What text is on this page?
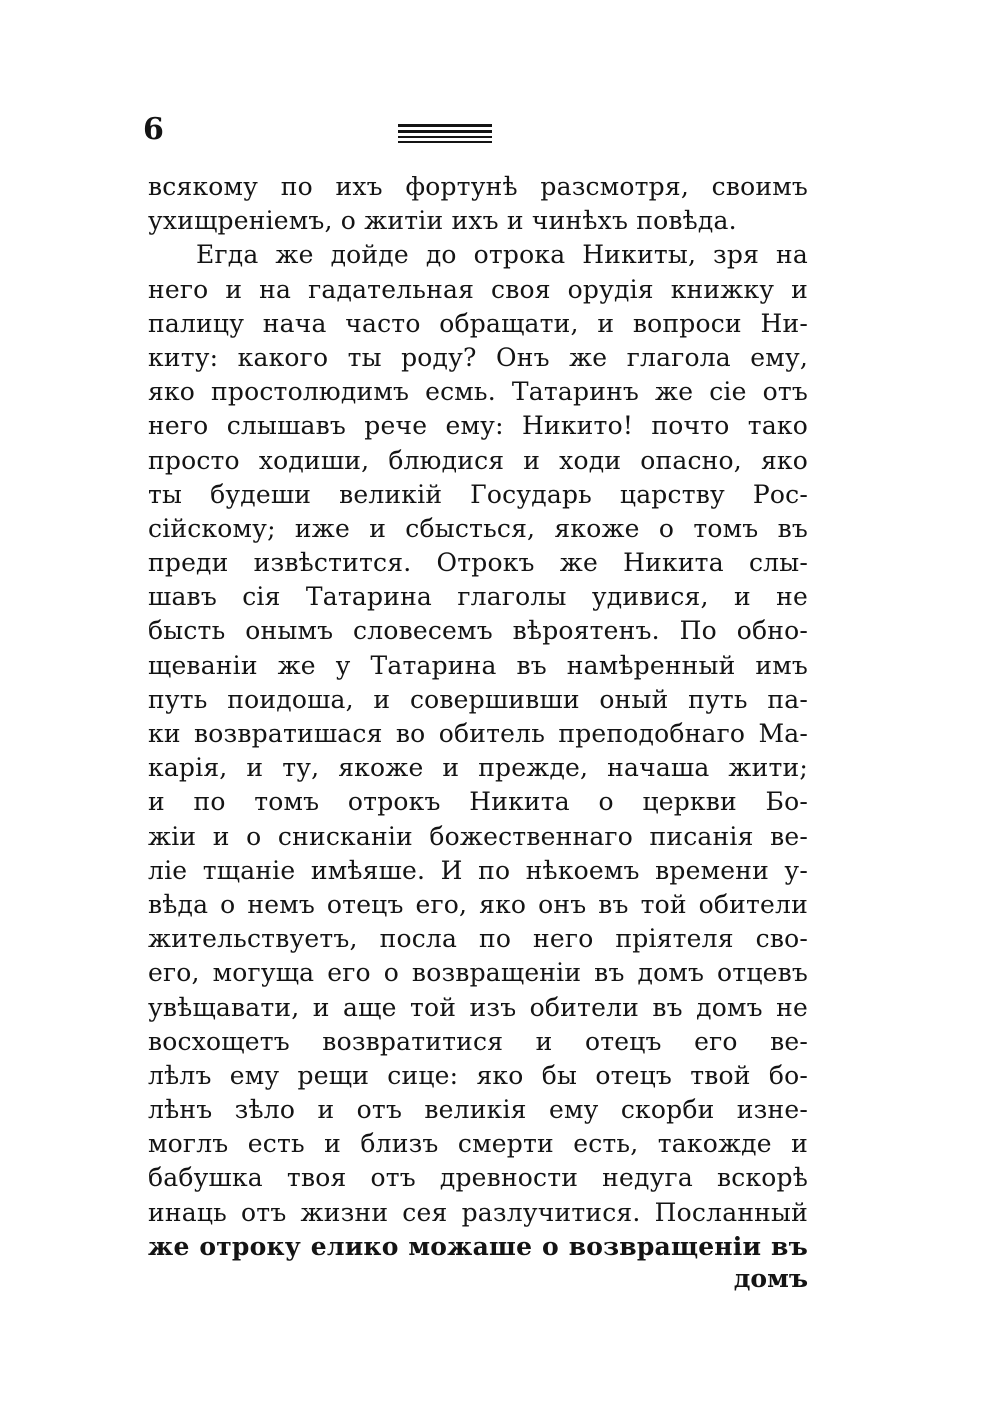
6
всякому по ихъ фортунѣ разсмотря, своимъ
ухищренiемъ, о житiи ихъ и чинѣхъ повѣда.
Егда же дойде до отрока Никиты, зря на
него и на гадательная своя орудiя книжку и
палицу нача часто обращати, и вопроси Ни-
киту: какого ты роду? Онъ же глагола ему,
яко простолюдимъ есмь. Татаринъ же сiе отъ
него слышавъ рече ему: Никито! почто тако
просто ходиши, блюдися и ходи опасно, яко
ты будеши великiй Государь царству Рос-
сiйскому; иже и сбысться, якоже о томъ въ
преди извѣстится. Отрокъ же Никита слы-
шавъ сiя Татарина глаголы удивися, и не
бысть онымъ словесемъ вѣроятенъ. По обно-
щеванiи же у Татарина въ намѣренный имъ
путь поидоша, и совершивши оный путь па-
ки возвратишася во обитель преподобнаго Ма-
карiя, и ту, якоже и прежде, начаша жити;
и по томъ отрокъ Никита о церкви Бо-
жiи и о снисканiи божественнаго писанiя ве-
лiе тщанiе имѣяше. И по нѣкоемъ времени у-
вѣда о немъ отецъ его, яко онъ въ той обители
жительствуетъ, посла по него прiятеля сво-
его, могуща его о возвращенiи въ домъ отцевъ
увѣщавати, и аще той изъ обители въ домъ не
восхощетъ возвратитися и отецъ его ве-
лѣлъ ему рещи сице: яко бы отецъ твой бо-
лѣнъ зѣло и отъ великiя ему скорби изне-
моглъ есть и близъ смерти есть, такожде и
бабушка твоя отъ древности недуга вскорѣ
инаць отъ жизни сея разлучитися. Посланный
же отроку елико можаше о возвращенiи въ
домъ
